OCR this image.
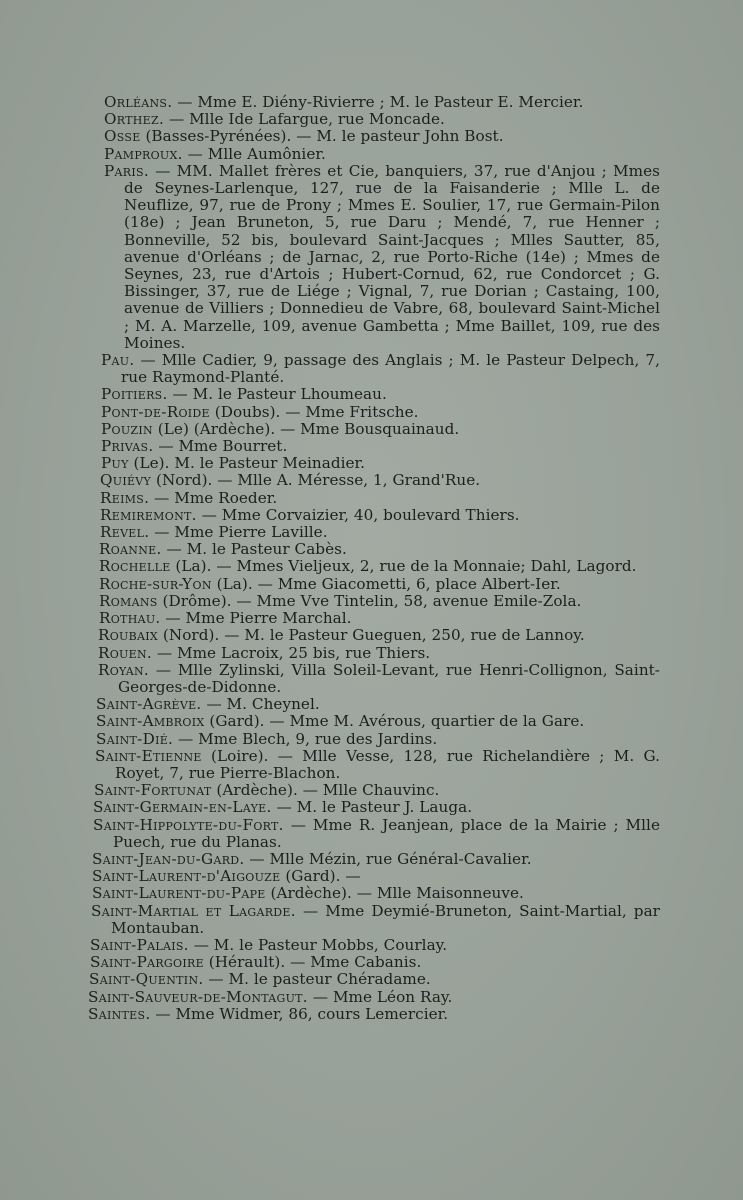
Orléans. — Mme E. Diény-Rivierre ; M. le Pasteur E. Mercier.
Orthez. — Mlle Ide Lafargue, rue Moncade.
Osse (Basses-Pyrénées). — M. le pasteur John Bost.
Pamproux. — Mlle Aumônier.
Paris. — MM. Mallet frères et Cie, banquiers, 37, rue d'Anjou ; Mmes de Seynes-Larlenque, 127, rue de la Faisanderie ; Mlle L. de Neuflize, 97, rue de Prony ; Mmes E. Soulier, 17, rue Germain-Pilon (18e) ; Jean Bruneton, 5, rue Daru ; Mendé, 7, rue Henner ; Bonneville, 52 bis, boulevard Saint-Jacques ; Mlles Sautter, 85, avenue d'Orléans ; de Jarnac, 2, rue Porto-Riche (14e) ; Mmes de Seynes, 23, rue d'Artois ; Hubert-Cornud, 62, rue Condorcet ; G. Bissinger, 37, rue de Liége ; Vignal, 7, rue Dorian ; Castaing, 100, avenue de Villiers ; Donnedieu de Vabre, 68, boulevard Saint-Michel ; M. A. Marzelle, 109, avenue Gambetta ; Mme Baillet, 109, rue des Moines.
Pau. — Mlle Cadier, 9, passage des Anglais ; M. le Pasteur Delpech, 7, rue Raymond-Planté.
Poitiers. — M. le Pasteur Lhoumeau.
Pont-de-Roide (Doubs). — Mme Fritsche.
Pouzin (Le) (Ardèche). — Mme Bousquainaud.
Privas. — Mme Bourret.
Puy (Le). M. le Pasteur Meinadier.
Quiévy (Nord). — Mlle A. Méresse, 1, Grand'Rue.
Reims. — Mme Roeder.
Remiremont. — Mme Corvaizier, 40, boulevard Thiers.
Revel. — Mme Pierre Laville.
Roanne. — M. le Pasteur Cabès.
Rochelle (La). — Mmes Vieljeux, 2, rue de la Monnaie; Dahl, Lagord.
Roche-sur-Yon (La). — Mme Giacometti, 6, place Albert-Ier.
Romans (Drôme). — Mme Vve Tintelin, 58, avenue Emile-Zola.
Rothau. — Mme Pierre Marchal.
Roubaix (Nord). — M. le Pasteur Gueguen, 250, rue de Lannoy.
Rouen. — Mme Lacroix, 25 bis, rue Thiers.
Royan. — Mlle Zylinski, Villa Soleil-Levant, rue Henri-Collignon, Saint-Georges-de-Didonne.
Saint-Agrève. — M. Cheynel.
Saint-Ambroix (Gard). — Mme M. Avérous, quartier de la Gare.
Saint-Dié. — Mme Blech, 9, rue des Jardins.
Saint-Etienne (Loire). — Mlle Vesse, 128, rue Richelandière ; M. G. Royet, 7, rue Pierre-Blachon.
Saint-Fortunat (Ardèche). — Mlle Chauvinc.
Saint-Germain-en-Laye. — M. le Pasteur J. Lauga.
Saint-Hippolyte-du-Fort. — Mme R. Jeanjean, place de la Mairie ; Mlle Puech, rue du Planas.
Saint-Jean-du-Gard. — Mlle Mézin, rue Général-Cavalier.
Saint-Laurent-d'Aigouze (Gard). —
Saint-Laurent-du-Pape (Ardèche). — Mlle Maisonneuve.
Saint-Martial et Lagarde. — Mme Deymié-Bruneton, Saint-Martial, par Montauban.
Saint-Palais. — M. le Pasteur Mobbs, Courlay.
Saint-Pargoire (Hérault). — Mme Cabanis.
Saint-Quentin. — M. le pasteur Chéradame.
Saint-Sauveur-de-Montagut. — Mme Léon Ray.
Saintes. — Mme Widmer, 86, cours Lemercier.
